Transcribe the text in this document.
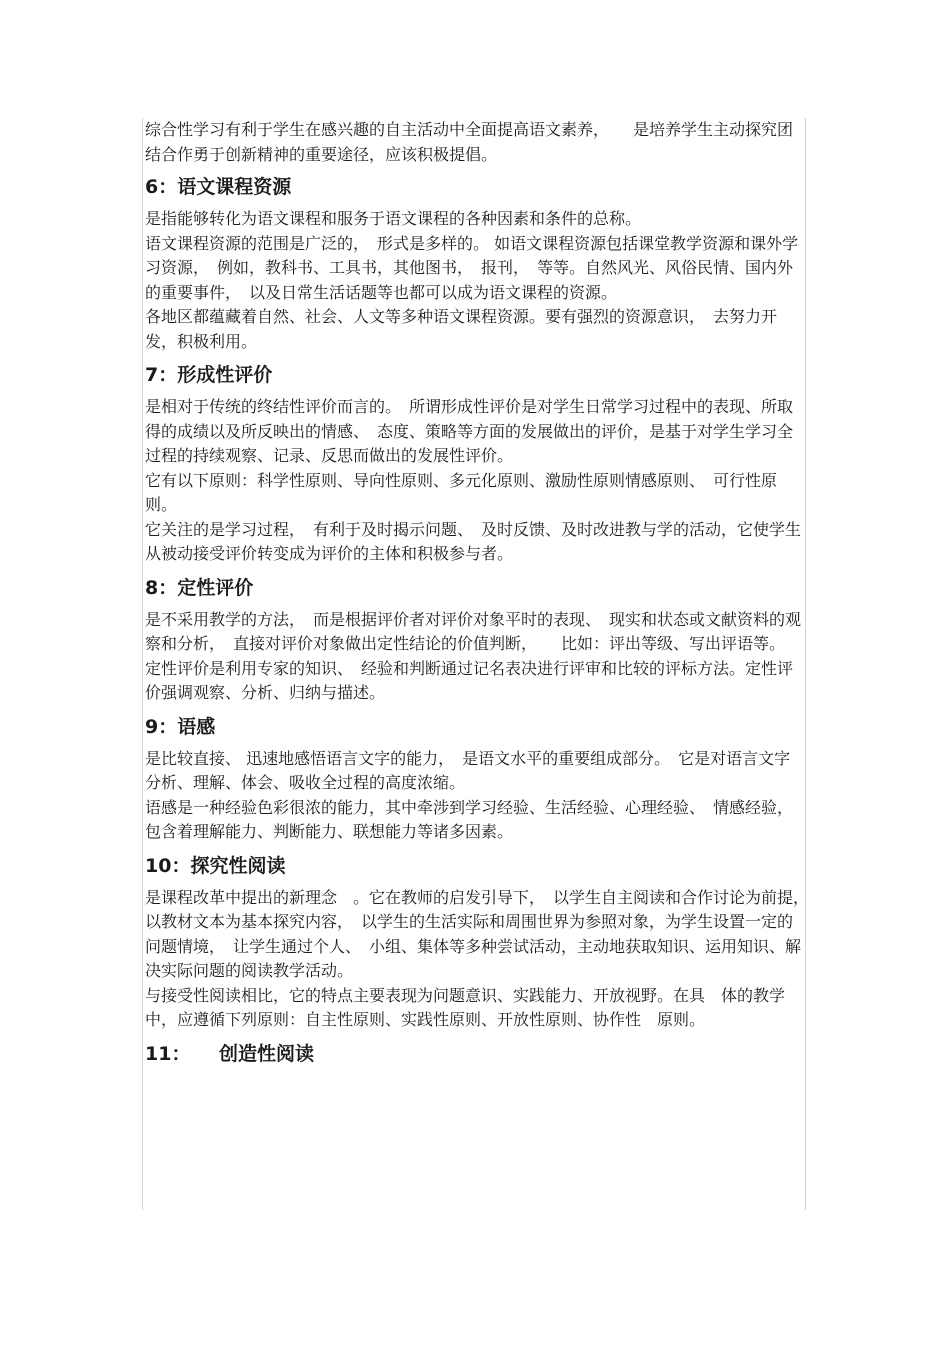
综合性学习有利于学生在感兴趣的自主活动中全面提高语文素养，　　是培养学生主动探究团结合作勇于创新精神的重要途径，应该积极提倡。

6：语文课程资源

是指能够转化为语文课程和服务于语文课程的各种因素和条件的总称。

语文课程资源的范围是广泛的，　形式是多样的。 如语文课程资源包括课堂教学资源和课外学习资源，　例如，教科书、工具书，其他图书，　报刊，　等等。自然风光、风俗民情、国内外的重要事件，　以及日常生活话题等也都可以成为语文课程的资源。

各地区都蕴藏着自然、社会、人文等多种语文课程资源。要有强烈的资源意识，　去努力开发，积极利用。

7：形成性评价

是相对于传统的终结性评价而言的。　所谓形成性评价是对学生日常学习过程中的表现、所取得的成绩以及所反映出的情感、　态度、策略等方面的发展做出的评价，是基于对学生学习全过程的持续观察、记录、反思而做出的发展性评价。

它有以下原则：科学性原则、导向性原则、多元化原则、激励性原则情感原则、　可行性原则。

它关注的是学习过程，　有利于及时揭示问题、　及时反馈、及时改进教与学的活动，它使学生从被动接受评价转变成为评价的主体和积极参与者。

8：定性评价

是不采用教学的方法，　而是根据评价者对评价对象平时的表现、　现实和状态或文献资料的观察和分析，　直接对评价对象做出定性结论的价值判断，　　比如：评出等级、写出评语等。

定性评价是利用专家的知识、　经验和判断通过记名表决进行评审和比较的评标方法。定性评价强调观察、分析、归纳与描述。

9：语感

是比较直接、 迅速地感悟语言文字的能力，　是语文水平的重要组成部分。　它是对语言文字分析、理解、体会、吸收全过程的高度浓缩。

语感是一种经验色彩很浓的能力，其中牵涉到学习经验、生活经验、心理经验、　情感经验，包含着理解能力、判断能力、联想能力等诸多因素。

10：探究性阅读

是课程改革中提出的新理念　。它在教师的启发引导下，　以学生自主阅读和合作讨论为前提，　以教材文本为基本探究内容，　以学生的生活实际和周围世界为参照对象，为学生设置一定的问题情境，　让学生通过个人、　小组、集体等多种尝试活动，主动地获取知识、运用知识、解决实际问题的阅读教学活动。

与接受性阅读相比，它的特点主要表现为问题意识、实践能力、开放视野。在具　体的教学中，应遵循下列原则：自主性原则、实践性原则、开放性原则、协作性　原则。

11：　　创造性阅读
